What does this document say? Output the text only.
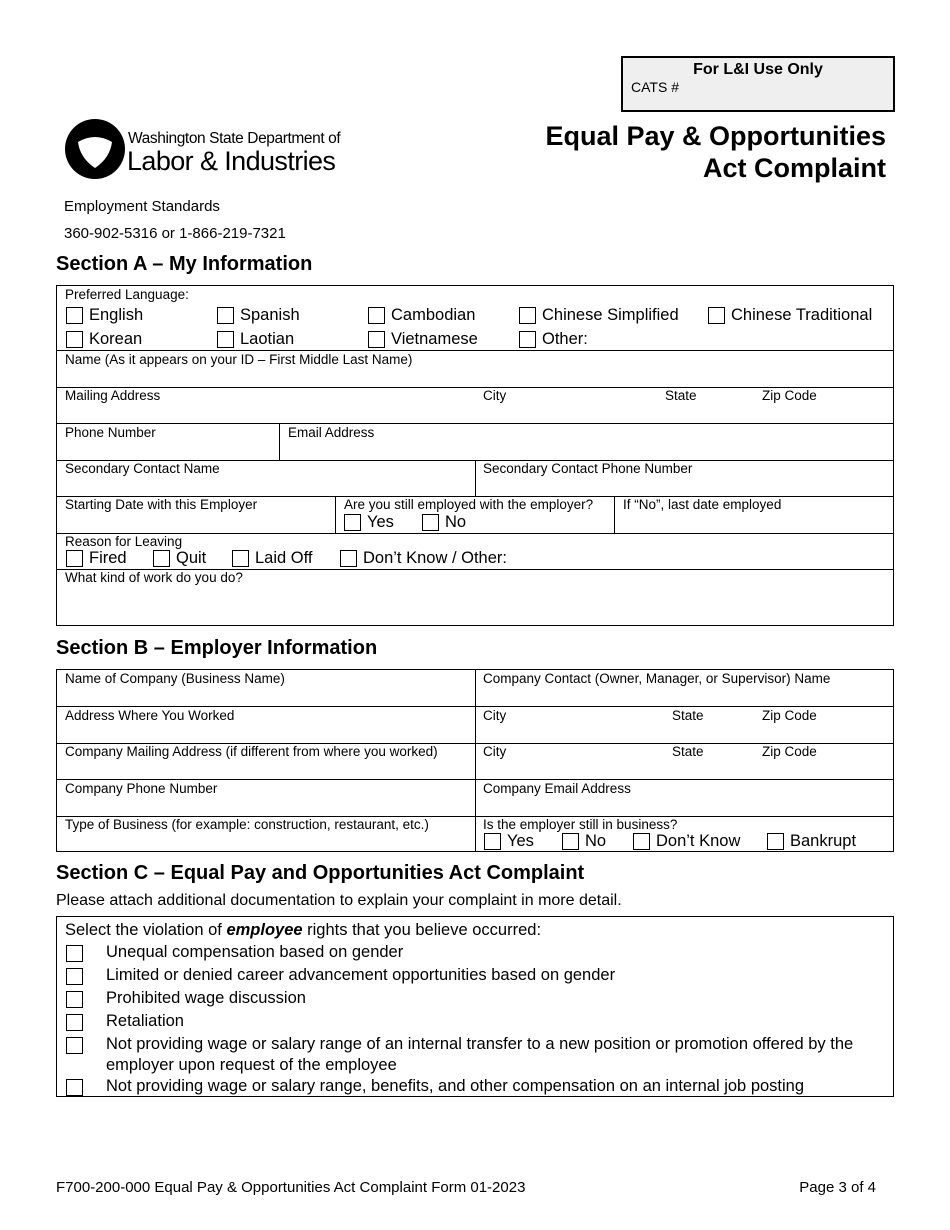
For L&I Use Only
CATS #
Washington State Department of
Labor & Industries
Equal Pay & Opportunities
Act Complaint
Employment Standards
360-902-5316 or 1-866-219-7321
Section A – My Information
Preferred Language:
English	Spanish	Cambodian	Chinese Simplified	Chinese Traditional
Korean	Laotian	Vietnamese	Other:
Name (As it appears on your ID – First Middle Last Name)
Mailing Address	City	State	Zip Code
Phone Number	Email Address
Secondary Contact Name	Secondary Contact Phone Number
Starting Date with this Employer	Are you still employed with the employer?
Yes	No
If “No”, last date employed
Reason for Leaving
Fired	Quit	Laid Off	Don’t Know / Other:
What kind of work do you do?
Section B – Employer Information
Name of Company (Business Name)	Company Contact (Owner, Manager, or Supervisor) Name
Address Where You Worked	City	State	Zip Code
Company Mailing Address (if different from where you worked)	City	State	Zip Code
Company Phone Number	Company Email Address
Type of Business (for example: construction, restaurant, etc.)	Is the employer still in business?
Yes	No	Don’t Know	Bankrupt
Section C – Equal Pay and Opportunities Act Complaint
Please attach additional documentation to explain your complaint in more detail.
Select the violation of employee rights that you believe occurred:
Unequal compensation based on gender
Limited or denied career advancement opportunities based on gender
Prohibited wage discussion
Retaliation
Not providing wage or salary range of an internal transfer to a new position or promotion offered by the employer upon request of the employee
Not providing wage or salary range, benefits, and other compensation on an internal job posting
F700-200-000 Equal Pay & Opportunities Act Complaint Form 01-2023	Page 3 of 4
